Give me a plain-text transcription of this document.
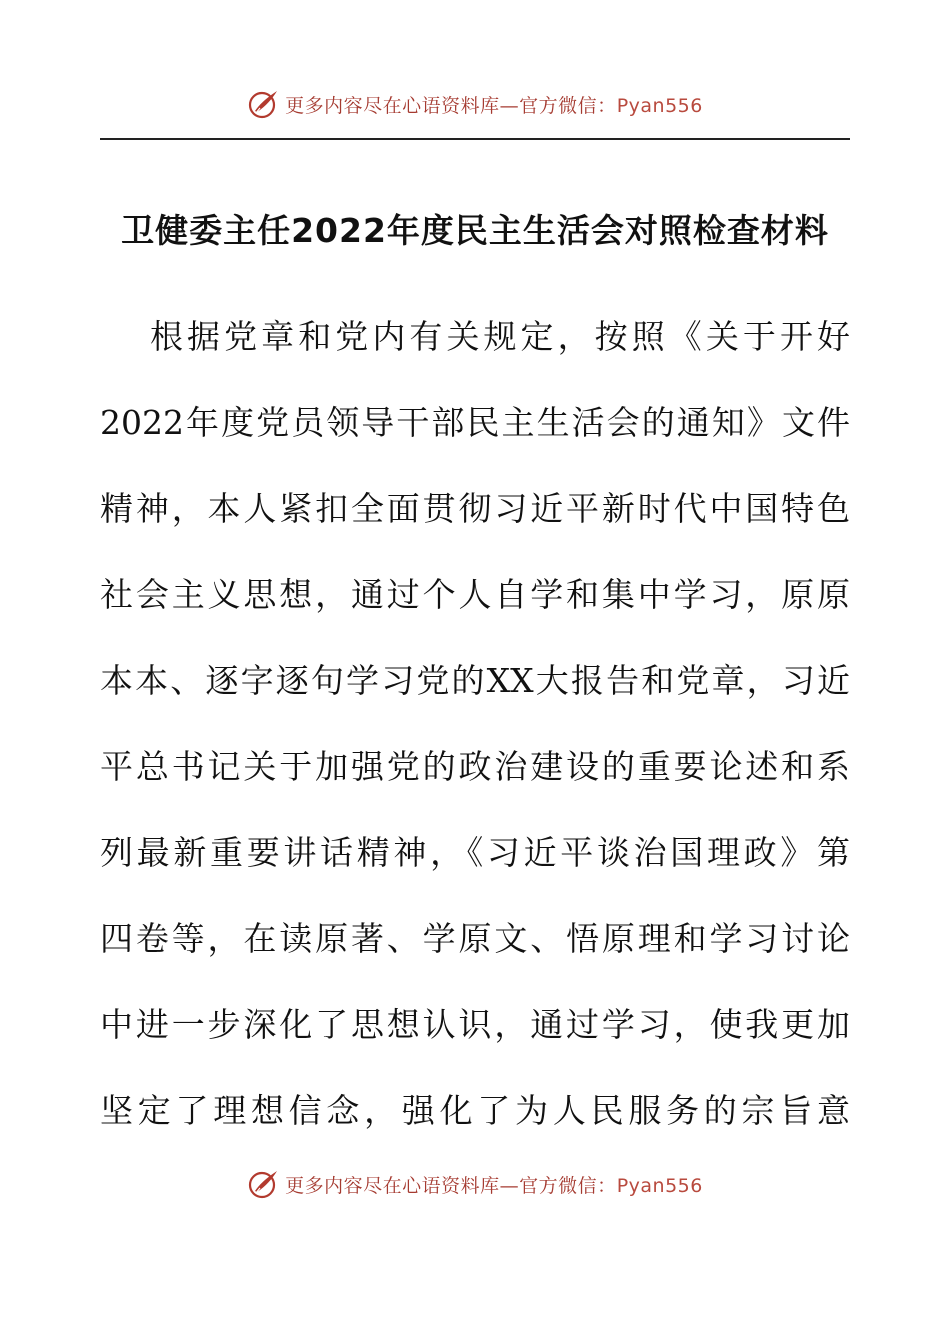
更多内容尽在心语资料库—官方微信：Pyan556
卫健委主任2022年度民主生活会对照检查材料
根据党章和党内有关规定，按照《关于开好
2022年度党员领导干部民主生活会的通知》文件
精神，本人紧扣全面贯彻习近平新时代中国特色
社会主义思想，通过个人自学和集中学习，原原
本本、逐字逐句学习党的XX大报告和党章，习近
平总书记关于加强党的政治建设的重要论述和系
列最新重要讲话精神，《习近平谈治国理政》第
四卷等，在读原著、学原文、悟原理和学习讨论
中进一步深化了思想认识，通过学习，使我更加
坚定了理想信念，强化了为人民服务的宗旨意
更多内容尽在心语资料库—官方微信：Pyan556
